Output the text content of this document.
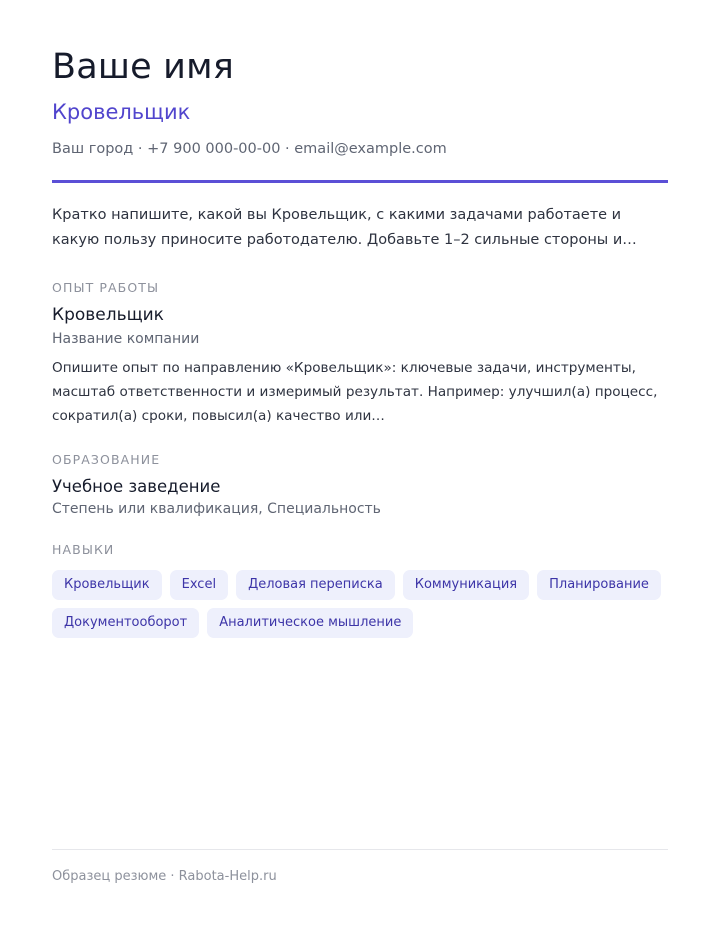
Ваше имя
Кровельщик
Ваш город · +7 900 000-00-00 · email@example.com
Кратко напишите, какой вы Кровельщик, с какими задачами работаете и какую пользу приносите работодателю. Добавьте 1–2 сильные стороны и…
ОПЫТ РАБОТЫ
Кровельщик
Название компании
Опишите опыт по направлению «Кровельщик»: ключевые задачи, инструменты, масштаб ответственности и измеримый результат. Например: улучшил(а) процесс, сократил(а) сроки, повысил(а) качество или…
ОБРАЗОВАНИЕ
Учебное заведение
Степень или квалификация, Специальность
НАВЫКИ
Кровельщик	Excel	Деловая переписка	Коммуникация	Планирование
Документооборот	Аналитическое мышление
Образец резюме · Rabota-Help.ru
